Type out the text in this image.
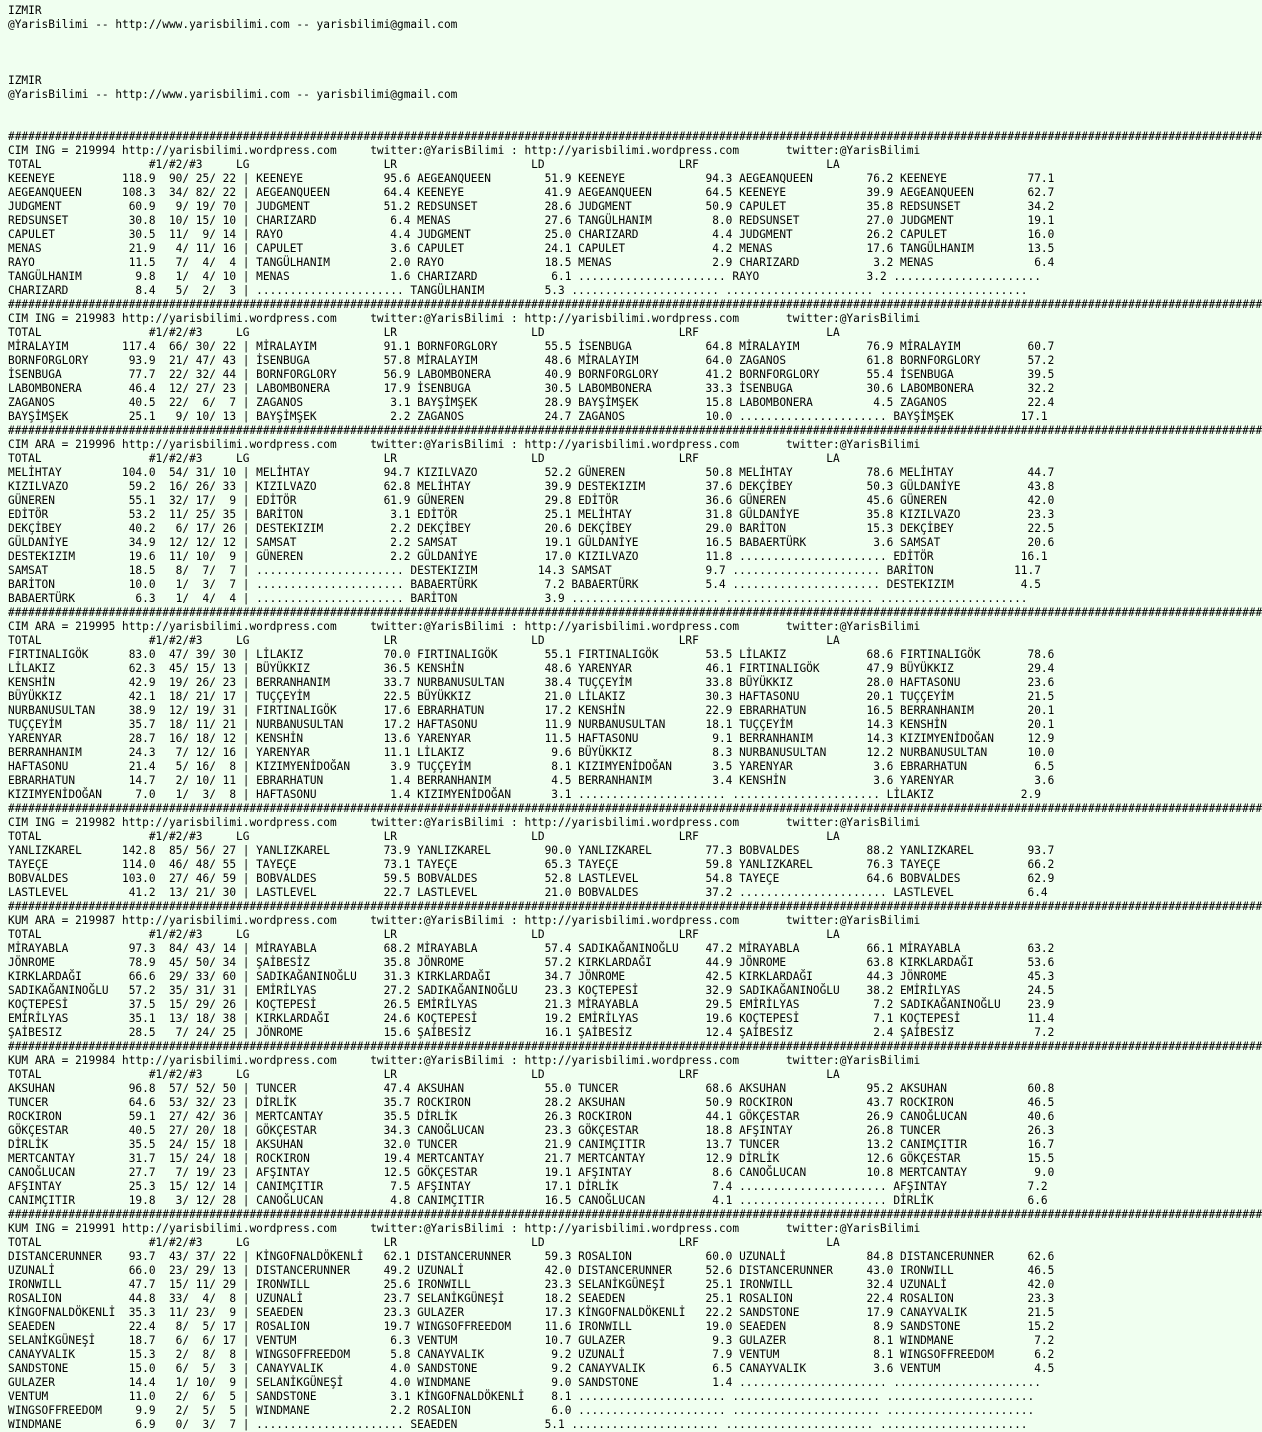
IZMIR
@YarisBilimi -- http://www.yarisbilimi.com -- yarisbilimi@gmail.com
IZMIR
@YarisBilimi -- http://www.yarisbilimi.com -- yarisbilimi@gmail.com
###########################################################################################################################################################################################
CIM ING = 219994 http://yarisbilimi.wordpress.com     twitter:@YarisBilimi : http://yarisbilimi.wordpress.com       twitter:@YarisBilimi
TOTAL                #1/#2/#3     LG                    LR                    LD                    LRF                   LA
KEENEYE          118.9  90/ 25/ 22 | KEENEYE            95.6 AEGEANQUEEN        51.9 KEENEYE            94.3 AEGEANQUEEN        76.2 KEENEYE            77.1
AEGEANQUEEN      108.3  34/ 82/ 22 | AEGEANQUEEN        64.4 KEENEYE            41.9 AEGEANQUEEN        64.5 KEENEYE            39.9 AEGEANQUEEN        62.7
JUDGMENT          60.9   9/ 19/ 70 | JUDGMENT           51.2 REDSUNSET          28.6 JUDGMENT           50.9 CAPULET            35.8 REDSUNSET          34.2
REDSUNSET         30.8  10/ 15/ 10 | CHARIZARD           6.4 MENAS              27.6 TANGÜLHANIM         8.0 REDSUNSET          27.0 JUDGMENT           19.1
CAPULET           30.5  11/  9/ 14 | RAYO                4.4 JUDGMENT           25.0 CHARIZARD           4.4 JUDGMENT           26.2 CAPULET            16.0
MENAS             21.9   4/ 11/ 16 | CAPULET             3.6 CAPULET            24.1 CAPULET             4.2 MENAS              17.6 TANGÜLHANIM        13.5
RAYO              11.5   7/  4/  4 | TANGÜLHANIM         2.0 RAYO               18.5 MENAS               2.9 CHARIZARD           3.2 MENAS               6.4
TANGÜLHANIM        9.8   1/  4/ 10 | MENAS               1.6 CHARIZARD           6.1 ...................... RAYO                3.2 ......................
CHARIZARD          8.4   5/  2/  3 | ...................... TANGÜLHANIM         5.3 ...................... ...................... ......................
###########################################################################################################################################################################################
CIM ING = 219983 http://yarisbilimi.wordpress.com     twitter:@YarisBilimi : http://yarisbilimi.wordpress.com       twitter:@YarisBilimi
TOTAL                #1/#2/#3     LG                    LR                    LD                    LRF                   LA
MİRALAYIM        117.4  66/ 30/ 22 | MİRALAYIM          91.1 BORNFORGLORY       55.5 İSENBUGA           64.8 MİRALAYIM          76.9 MİRALAYIM          60.7
BORNFORGLORY      93.9  21/ 47/ 43 | İSENBUGA           57.8 MİRALAYIM          48.6 MİRALAYIM          64.0 ZAGANOS            61.8 BORNFORGLORY       57.2
İSENBUGA          77.7  22/ 32/ 44 | BORNFORGLORY       56.9 LABOMBONERA        40.9 BORNFORGLORY       41.2 BORNFORGLORY       55.4 İSENBUGA           39.5
LABOMBONERA       46.4  12/ 27/ 23 | LABOMBONERA        17.9 İSENBUGA           30.5 LABOMBONERA        33.3 İSENBUGA           30.6 LABOMBONERA        32.2
ZAGANOS           40.5  22/  6/  7 | ZAGANOS             3.1 BAYŞİMŞEK          28.9 BAYŞİMŞEK          15.8 LABOMBONERA         4.5 ZAGANOS            22.4
BAYŞİMŞEK         25.1   9/ 10/ 13 | BAYŞİMŞEK           2.2 ZAGANOS            24.7 ZAGANOS            10.0 ...................... BAYŞİMŞEK          17.1
###########################################################################################################################################################################################
CIM ARA = 219996 http://yarisbilimi.wordpress.com     twitter:@YarisBilimi : http://yarisbilimi.wordpress.com       twitter:@YarisBilimi
TOTAL                #1/#2/#3     LG                    LR                    LD                    LRF                   LA
MELİHTAY         104.0  54/ 31/ 10 | MELİHTAY           94.7 KIZILVAZO          52.2 GÜNEREN            50.8 MELİHTAY           78.6 MELİHTAY           44.7
KIZILVAZO         59.2  16/ 26/ 33 | KIZILVAZO          62.8 MELİHTAY           39.9 DESTEKIZIM         37.6 DEKÇİBEY           50.3 GÜLDANİYE          43.8
GÜNEREN           55.1  32/ 17/  9 | EDİTÖR             61.9 GÜNEREN            29.8 EDİTÖR             36.6 GÜNEREN            45.6 GÜNEREN            42.0
EDİTÖR            53.2  11/ 25/ 35 | BARİTON             3.1 EDİTÖR             25.1 MELİHTAY           31.8 GÜLDANİYE          35.8 KIZILVAZO          23.3
DEKÇİBEY          40.2   6/ 17/ 26 | DESTEKIZIM          2.2 DEKÇİBEY           20.6 DEKÇİBEY           29.0 BARİTON            15.3 DEKÇİBEY           22.5
GÜLDANİYE         34.9  12/ 12/ 12 | SAMSAT              2.2 SAMSAT             19.1 GÜLDANİYE          16.5 BABAERTÜRK          3.6 SAMSAT             20.6
DESTEKIZIM        19.6  11/ 10/  9 | GÜNEREN             2.2 GÜLDANİYE          17.0 KIZILVAZO          11.8 ...................... EDİTÖR             16.1
SAMSAT            18.5   8/  7/  7 | ...................... DESTEKIZIM         14.3 SAMSAT              9.7 ...................... BARİTON            11.7
BARİTON           10.0   1/  3/  7 | ...................... BABAERTÜRK          7.2 BABAERTÜRK          5.4 ...................... DESTEKIZIM          4.5
BABAERTÜRK         6.3   1/  4/  4 | ...................... BARİTON             3.9 ...................... ...................... ......................
###########################################################################################################################################################################################
CIM ARA = 219995 http://yarisbilimi.wordpress.com     twitter:@YarisBilimi : http://yarisbilimi.wordpress.com       twitter:@YarisBilimi
TOTAL                #1/#2/#3     LG                    LR                    LD                    LRF                   LA
FIRTINALIGÖK      83.0  47/ 39/ 30 | LİLAKIZ            70.0 FIRTINALIGÖK       55.1 FIRTINALIGÖK       53.5 LİLAKIZ            68.6 FIRTINALIGÖK       78.6
LİLAKIZ           62.3  45/ 15/ 13 | BÜYÜKKIZ           36.5 KENSHİN            48.6 YARENYAR           46.1 FIRTINALIGÖK       47.9 BÜYÜKKIZ           29.4
KENSHİN           42.9  19/ 26/ 23 | BERRANHANIM        33.7 NURBANUSULTAN      38.4 TUÇÇEYİM           33.8 BÜYÜKKIZ           28.0 HAFTASONU          23.6
BÜYÜKKIZ          42.1  18/ 21/ 17 | TUÇÇEYİM           22.5 BÜYÜKKIZ           21.0 LİLAKIZ            30.3 HAFTASONU          20.1 TUÇÇEYİM           21.5
NURBANUSULTAN     38.9  12/ 19/ 31 | FIRTINALIGÖK       17.6 EBRARHATUN         17.2 KENSHİN            22.9 EBRARHATUN         16.5 BERRANHANIM        20.1
TUÇÇEYİM          35.7  18/ 11/ 21 | NURBANUSULTAN      17.2 HAFTASONU          11.9 NURBANUSULTAN      18.1 TUÇÇEYİM           14.3 KENSHİN            20.1
YARENYAR          28.7  16/ 18/ 12 | KENSHİN            13.6 YARENYAR           11.5 HAFTASONU           9.1 BERRANHANIM        14.3 KIZIMYENİDOĞAN     12.9
BERRANHANIM       24.3   7/ 12/ 16 | YARENYAR           11.1 LİLAKIZ             9.6 BÜYÜKKIZ            8.3 NURBANUSULTAN      12.2 NURBANUSULTAN      10.0
HAFTASONU         21.4   5/ 16/  8 | KIZIMYENİDOĞAN      3.9 TUÇÇEYİM            8.1 KIZIMYENİDOĞAN      3.5 YARENYAR            3.6 EBRARHATUN          6.5
EBRARHATUN        14.7   2/ 10/ 11 | EBRARHATUN          1.4 BERRANHANIM         4.5 BERRANHANIM         3.4 KENSHİN             3.6 YARENYAR            3.6
KIZIMYENİDOĞAN     7.0   1/  3/  8 | HAFTASONU           1.4 KIZIMYENİDOĞAN      3.1 ...................... ...................... LİLAKIZ             2.9
###########################################################################################################################################################################################
CIM ING = 219982 http://yarisbilimi.wordpress.com     twitter:@YarisBilimi : http://yarisbilimi.wordpress.com       twitter:@YarisBilimi
TOTAL                #1/#2/#3     LG                    LR                    LD                    LRF                   LA
YANLIZKAREL      142.8  85/ 56/ 27 | YANLIZKAREL        73.9 YANLIZKAREL        90.0 YANLIZKAREL        77.3 BOBVALDES          88.2 YANLIZKAREL        93.7
TAYEÇE           114.0  46/ 48/ 55 | TAYEÇE             73.1 TAYEÇE             65.3 TAYEÇE             59.8 YANLIZKAREL        76.3 TAYEÇE             66.2
BOBVALDES        103.0  27/ 46/ 59 | BOBVALDES          59.5 BOBVALDES          52.8 LASTLEVEL          54.8 TAYEÇE             64.6 BOBVALDES          62.9
LASTLEVEL         41.2  13/ 21/ 30 | LASTLEVEL          22.7 LASTLEVEL          21.0 BOBVALDES          37.2 ...................... LASTLEVEL           6.4
###########################################################################################################################################################################################
KUM ARA = 219987 http://yarisbilimi.wordpress.com     twitter:@YarisBilimi : http://yarisbilimi.wordpress.com       twitter:@YarisBilimi
TOTAL                #1/#2/#3     LG                    LR                    LD                    LRF                   LA
MİRAYABLA         97.3  84/ 43/ 14 | MİRAYABLA          68.2 MİRAYABLA          57.4 SADIKAĞANINOĞLU    47.2 MİRAYABLA          66.1 MİRAYABLA          63.2
JÖNROME           78.9  45/ 50/ 34 | ŞAİBESİZ           35.8 JÖNROME            57.2 KIRKLARDAĞI        44.9 JÖNROME            63.8 KIRKLARDAĞI        53.6
KIRKLARDAĞI       66.6  29/ 33/ 60 | SADIKAĞANINOĞLU    31.3 KIRKLARDAĞI        34.7 JÖNROME            42.5 KIRKLARDAĞI        44.3 JÖNROME            45.3
SADIKAĞANINOĞLU   57.2  35/ 31/ 31 | EMİRİLYAS          27.2 SADIKAĞANINOĞLU    23.3 KOÇTEPESİ          32.9 SADIKAĞANINOĞLU    38.2 EMİRİLYAS          24.5
KOÇTEPESİ         37.5  15/ 29/ 26 | KOÇTEPESİ          26.5 EMİRİLYAS          21.3 MİRAYABLA          29.5 EMİRİLYAS           7.2 SADIKAĞANINOĞLU    23.9
EMİRİLYAS         35.1  13/ 18/ 38 | KIRKLARDAĞI        24.6 KOÇTEPESİ          19.2 EMİRİLYAS          19.6 KOÇTEPESİ           7.1 KOÇTEPESİ          11.4
ŞAİBESIZ          28.5   7/ 24/ 25 | JÖNROME            15.6 ŞAİBESİZ           16.1 ŞAİBESİZ           12.4 ŞAİBESİZ            2.4 ŞAİBESİZ            7.2
###########################################################################################################################################################################################
KUM ARA = 219984 http://yarisbilimi.wordpress.com     twitter:@YarisBilimi : http://yarisbilimi.wordpress.com       twitter:@YarisBilimi
TOTAL                #1/#2/#3     LG                    LR                    LD                    LRF                   LA
AKSUHAN           96.8  57/ 52/ 50 | TUNCER             47.4 AKSUHAN            55.0 TUNCER             68.6 AKSUHAN            95.2 AKSUHAN            60.8
TUNCER            64.6  53/ 32/ 23 | DİRLİK             35.7 ROCKIRON           28.2 AKSUHAN            50.9 ROCKIRON           43.7 ROCKIRON           46.5
ROCKIRON          59.1  27/ 42/ 36 | MERTCANTAY         35.5 DİRLİK             26.3 ROCKIRON           44.1 GÖKÇESTAR          26.9 CANOĞLUCAN         40.6
GÖKÇESTAR         40.5  27/ 20/ 18 | GÖKÇESTAR          34.3 CANOĞLUCAN         23.3 GÖKÇESTAR          18.8 AFŞINTAY           26.8 TUNCER             26.3
DİRLİK            35.5  24/ 15/ 18 | AKSUHAN            32.0 TUNCER             21.9 CANIMÇITIR         13.7 TUNCER             13.2 CANIMÇITIR         16.7
MERTCANTAY        31.7  15/ 24/ 18 | ROCKIRON           19.4 MERTCANTAY         21.7 MERTCANTAY         12.9 DİRLİK             12.6 GÖKÇESTAR          15.5
CANOĞLUCAN        27.7   7/ 19/ 23 | AFŞINTAY           12.5 GÖKÇESTAR          19.1 AFŞINTAY            8.6 CANOĞLUCAN         10.8 MERTCANTAY          9.0
AFŞINTAY          25.3  15/ 12/ 14 | CANIMÇITIR          7.5 AFŞINTAY           17.1 DİRLİK              7.4 ...................... AFŞINTAY            7.2
CANIMÇITIR        19.8   3/ 12/ 28 | CANOĞLUCAN          4.8 CANIMÇITIR         16.5 CANOĞLUCAN          4.1 ...................... DİRLİK              6.6
###########################################################################################################################################################################################
KUM ING = 219991 http://yarisbilimi.wordpress.com     twitter:@YarisBilimi : http://yarisbilimi.wordpress.com       twitter:@YarisBilimi
TOTAL                #1/#2/#3     LG                    LR                    LD                    LRF                   LA
DISTANCERUNNER    93.7  43/ 37/ 22 | KİNGOFNALDÖKENLİ   62.1 DISTANCERUNNER     59.3 ROSALION           60.0 UZUNALİ            84.8 DISTANCERUNNER     62.6
UZUNALİ           66.0  23/ 29/ 13 | DISTANCERUNNER     49.2 UZUNALİ            42.0 DISTANCERUNNER     52.6 DISTANCERUNNER     43.0 IRONWILL           46.5
IRONWILL          47.7  15/ 11/ 29 | IRONWILL           25.6 IRONWILL           23.3 SELANİKGÜNEŞİ      25.1 IRONWILL           32.4 UZUNALİ            42.0
ROSALION          44.8  33/  4/  8 | UZUNALİ            23.7 SELANİKGÜNEŞİ      18.2 SEAEDEN            25.1 ROSALION           22.4 ROSALION           23.3
KİNGOFNALDÖKENLİ  35.3  11/ 23/  9 | SEAEDEN            23.3 GULAZER            17.3 KİNGOFNALDÖKENLİ   22.2 SANDSTONE          17.9 CANAYVALIK         21.5
SEAEDEN           22.4   8/  5/ 17 | ROSALION           19.7 WINGSOFFREEDOM     11.6 IRONWILL           19.0 SEAEDEN             8.9 SANDSTONE          15.2
SELANİKGÜNEŞİ     18.7   6/  6/ 17 | VENTUM              6.3 VENTUM             10.7 GULAZER             9.3 GULAZER             8.1 WINDMANE            7.2
CANAYVALIK        15.3   2/  8/  8 | WINGSOFFREEDOM      5.8 CANAYVALIK          9.2 UZUNALİ             7.9 VENTUM              8.1 WINGSOFFREEDOM      6.2
SANDSTONE         15.0   6/  5/  3 | CANAYVALIK          4.0 SANDSTONE           9.2 CANAYVALIK          6.5 CANAYVALIK          3.6 VENTUM              4.5
GULAZER           14.4   1/ 10/  9 | SELANİKGÜNEŞİ       4.0 WINDMANE            9.0 SANDSTONE           1.4 ...................... ......................
VENTUM            11.0   2/  6/  5 | SANDSTONE           3.1 KİNGOFNALDÖKENLİ    8.1 ...................... ...................... ......................
WINGSOFFREEDOM     9.9   2/  5/  5 | WINDMANE            2.2 ROSALION            6.0 ...................... ...................... ......................
WINDMANE           6.9   0/  3/  7 | ...................... SEAEDEN             5.1 ...................... ...................... ......................
